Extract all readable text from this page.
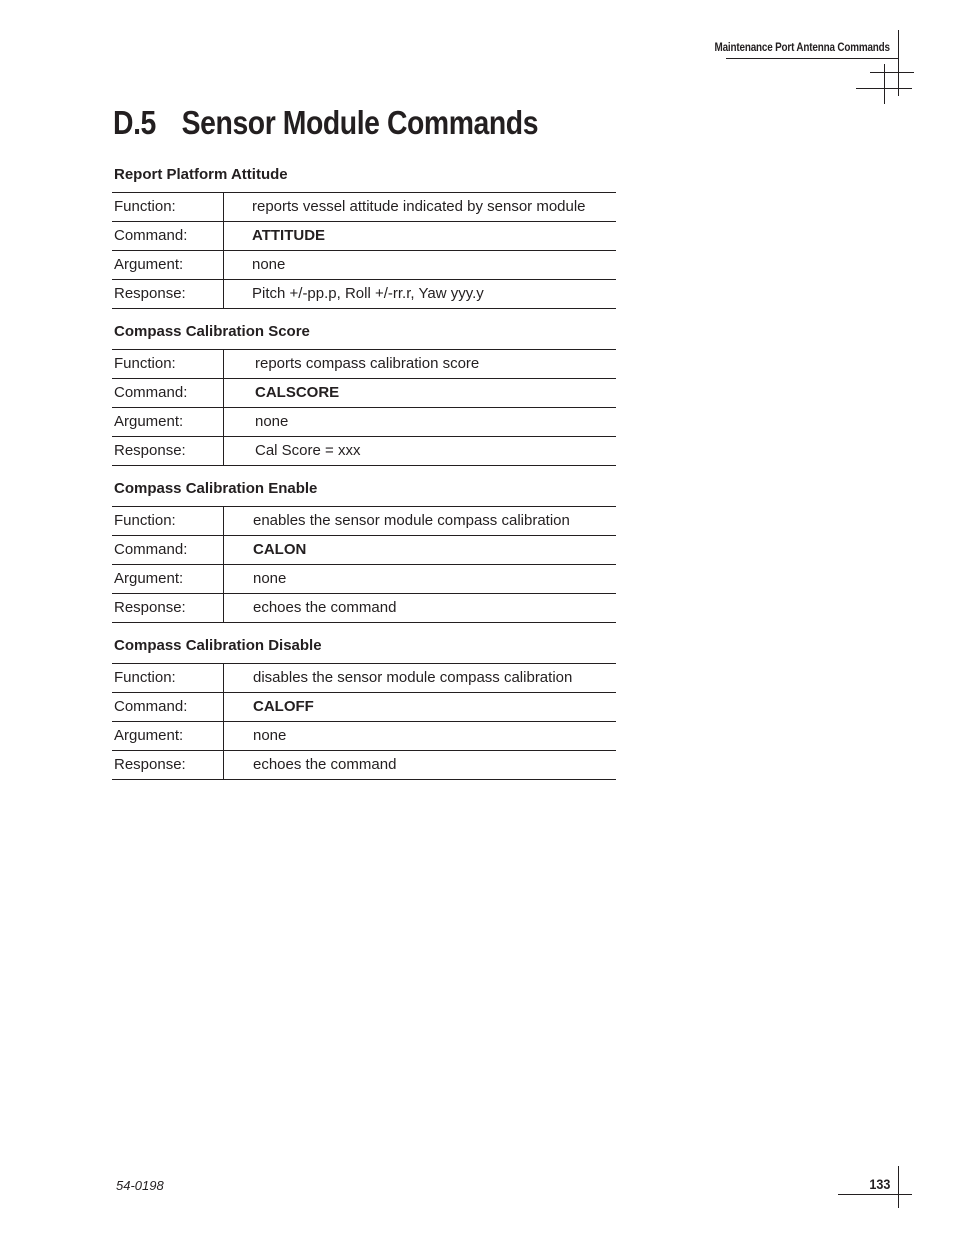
Maintenance Port Antenna Commands
D.5 Sensor Module Commands
Report Platform Attitude
Function:	reports vessel attitude indicated by sensor module
Command:	ATTITUDE
Argument:	none
Response:	Pitch +/-pp.p, Roll +/-rr.r, Yaw yyy.y
Compass Calibration Score
Function:	reports compass calibration score
Command:	CALSCORE
Argument:	none
Response:	Cal Score = xxx
Compass Calibration Enable
Function:	enables the sensor module compass calibration
Command:	CALON
Argument:	none
Response:	echoes the command
Compass Calibration Disable
Function:	disables the sensor module compass calibration
Command:	CALOFF
Argument:	none
Response:	echoes the command
54-0198	133
